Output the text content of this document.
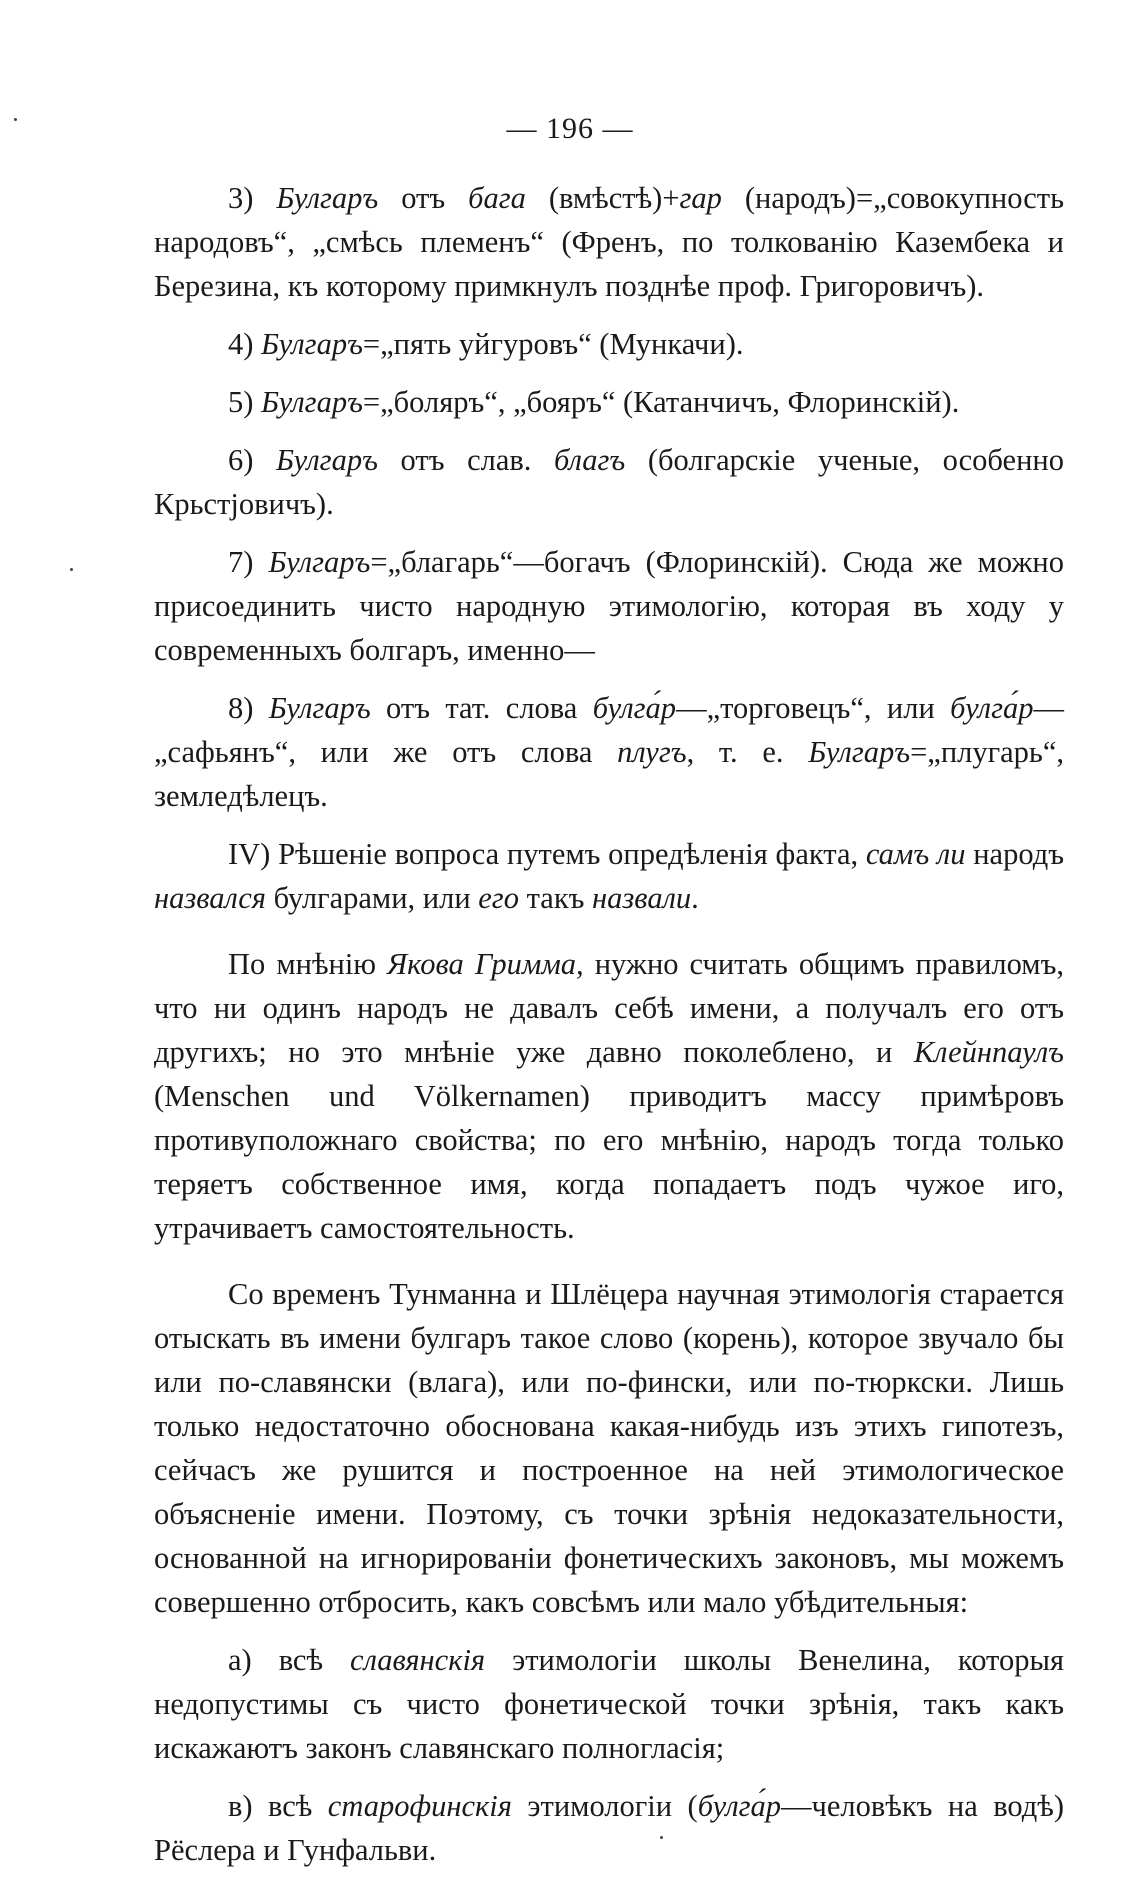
— 196 —

3) Булгаръ отъ бага (вмѣстѣ)+гар (народъ)=„совокупность народовъ“, „смѣсь племенъ“ (Френъ, по толкованію Казембека и Березина, къ которому примкнулъ позднѣе проф. Григоровичъ).

4) Булгаръ=„пять уйгуровъ“ (Мункачи).

5) Булгаръ=„боляръ“, „бояръ“ (Катанчичъ, Флоринскій).

6) Булгаръ отъ слав. благъ (болгарскіе ученые, особенно Крьстjовичъ).

7) Булгаръ=„благарь“—богачъ (Флоринскій). Сюда же можно присоединить чисто народную этимологію, которая въ ходу у современныхъ болгаръ, именно—

8) Булгаръ отъ тат. слова булга́р—„торговецъ“, или булга́р—„сафьянъ“, или же отъ слова плугъ, т. е. Булгаръ=„плугарь“, земледѣлецъ.

IV) Рѣшеніе вопроса путемъ опредѣленія факта, самъ ли народъ назвался булгарами, или его такъ назвали.

По мнѣнію Якова Гримма, нужно считать общимъ правиломъ, что ни одинъ народъ не давалъ себѣ имени, а получалъ его отъ другихъ; но это мнѣніе уже давно поколеблено, и Клейнпаулъ (Menschen und Völkernamen) приводитъ массу примѣровъ противуположнаго свойства; по его мнѣнію, народъ тогда только теряетъ собственное имя, когда попадаетъ подъ чужое иго, утрачиваетъ самостоятельность.

Со временъ Тунманна и Шлёцера научная этимологія старается отыскать въ имени булгаръ такое слово (корень), которое звучало бы или по-славянски (влага), или по-фински, или по-тюркски. Лишь только недостаточно обоснована какая-нибудь изъ этихъ гипотезъ, сейчасъ же рушится и построенное на ней этимологическое объясненіе имени. Поэтому, съ точки зрѣнія недоказательности, основанной на игнорированіи фонетическихъ законовъ, мы можемъ совершенно отбросить, какъ совсѣмъ или мало убѣдительныя:

а) всѣ славянскія этимологіи школы Венелина, которыя недопустимы съ чисто фонетической точки зрѣнія, такъ какъ искажаютъ законъ славянскаго полногласія;

в) всѣ старофинскія этимологіи (булга́р—человѣкъ на водѣ) Рёслера и Гунфальви.
